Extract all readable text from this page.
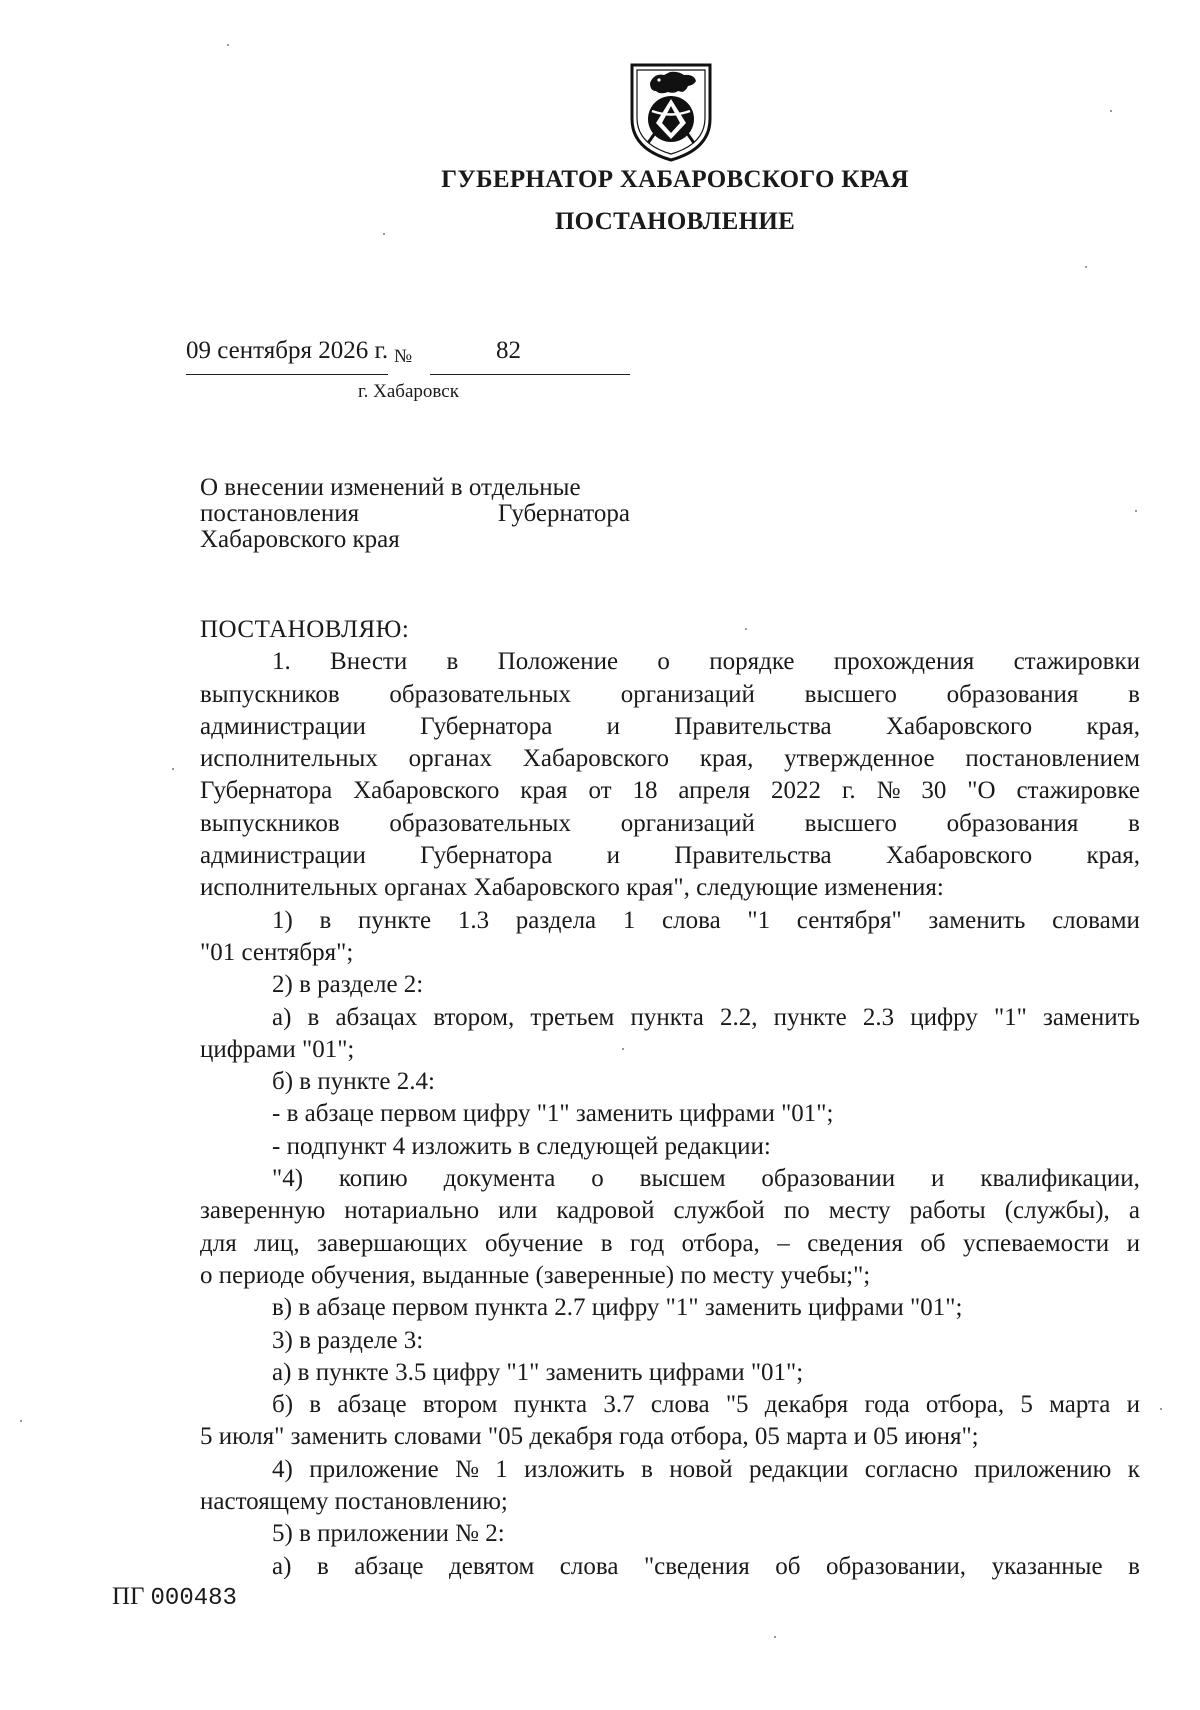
ГУБЕРНАТОР ХАБАРОВСКОГО КРАЯ
ПОСТАНОВЛЕНИЕ
09 сентября 2026 г. №	82
г. Хабаровск
О внесении изменений в отдельные
постановления	Губернатора
Хабаровского края
ПОСТАНОВЛЯЮ:
1. Внести в Положение о порядке прохождения стажировки
выпускников образовательных организаций высшего образования в
администрации Губернатора и Правительства Хабаровского края,
исполнительных органах Хабаровского края, утвержденное постановлением
Губернатора Хабаровского края от 18 апреля 2022 г. № 30 "О стажировке
выпускников образовательных организаций высшего образования в
администрации Губернатора и Правительства Хабаровского края,
исполнительных органах Хабаровского края", следующие изменения:
1) в пункте 1.3 раздела 1 слова "1 сентября" заменить словами
"01 сентября";
2) в разделе 2:
а) в абзацах втором, третьем пункта 2.2, пункте 2.3 цифру "1" заменить
цифрами "01";
б) в пункте 2.4:
- в абзаце первом цифру "1" заменить цифрами "01";
- подпункт 4 изложить в следующей редакции:
"4) копию документа о высшем образовании и квалификации,
заверенную нотариально или кадровой службой по месту работы (службы), а
для лиц, завершающих обучение в год отбора, – сведения об успеваемости и
о периоде обучения, выданные (заверенные) по месту учебы;";
в) в абзаце первом пункта 2.7 цифру "1" заменить цифрами "01";
3) в разделе 3:
а) в пункте 3.5 цифру "1" заменить цифрами "01";
б) в абзаце втором пункта 3.7 слова "5 декабря года отбора, 5 марта и
5 июля" заменить словами "05 декабря года отбора, 05 марта и 05 июня";
4) приложение № 1 изложить в новой редакции согласно приложению к
настоящему постановлению;
5) в приложении № 2:
а) в абзаце девятом слова "сведения об образовании, указанные в
ПГ 000483
